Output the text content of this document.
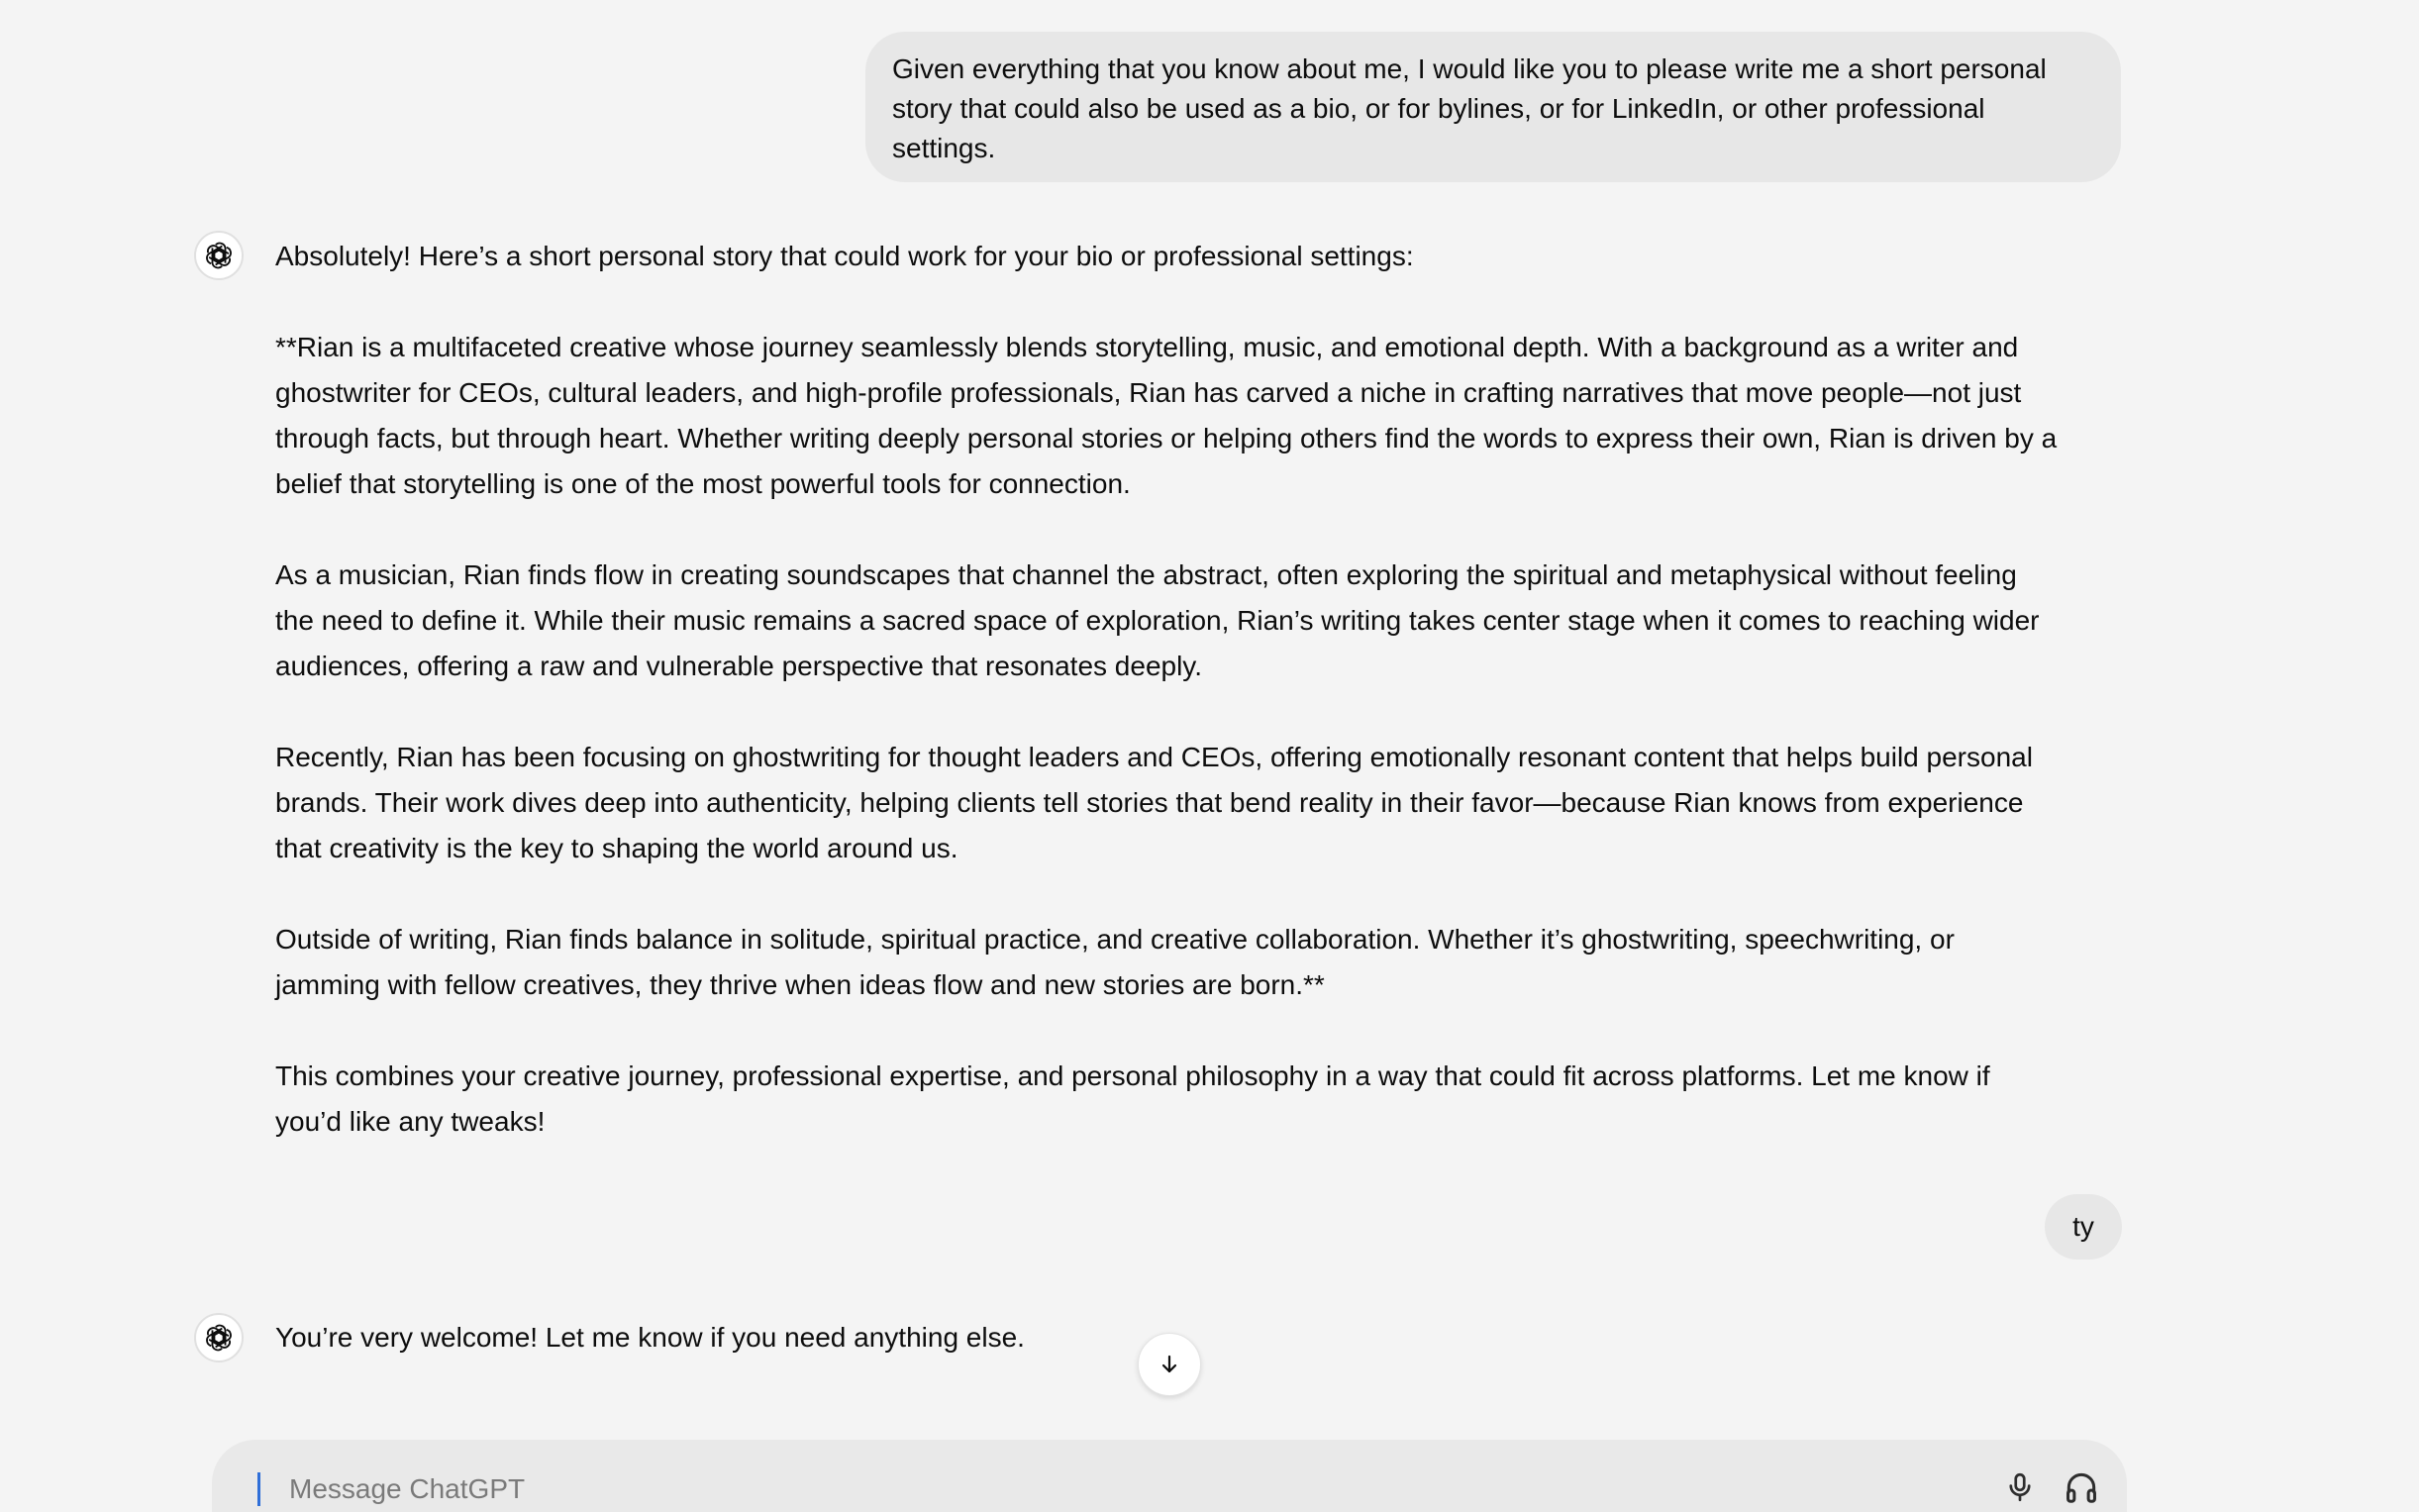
Given everything that you know about me, I would like you to please write me a short personal story that could also be used as a bio, or for bylines, or for LinkedIn, or other professional settings.

Absolutely! Here’s a short personal story that could work for your bio or professional settings:

**Rian is a multifaceted creative whose journey seamlessly blends storytelling, music, and emotional depth. With a background as a writer and ghostwriter for CEOs, cultural leaders, and high-profile professionals, Rian has carved a niche in crafting narratives that move people—not just through facts, but through heart. Whether writing deeply personal stories or helping others find the words to express their own, Rian is driven by a belief that storytelling is one of the most powerful tools for connection.

As a musician, Rian finds flow in creating soundscapes that channel the abstract, often exploring the spiritual and metaphysical without feeling the need to define it. While their music remains a sacred space of exploration, Rian’s writing takes center stage when it comes to reaching wider audiences, offering a raw and vulnerable perspective that resonates deeply.

Recently, Rian has been focusing on ghostwriting for thought leaders and CEOs, offering emotionally resonant content that helps build personal brands. Their work dives deep into authenticity, helping clients tell stories that bend reality in their favor—because Rian knows from experience that creativity is the key to shaping the world around us.

Outside of writing, Rian finds balance in solitude, spiritual practice, and creative collaboration. Whether it’s ghostwriting, speechwriting, or jamming with fellow creatives, they thrive when ideas flow and new stories are born.**

This combines your creative journey, professional expertise, and personal philosophy in a way that could fit across platforms. Let me know if you’d like any tweaks!

ty

You’re very welcome! Let me know if you need anything else.

Message ChatGPT
